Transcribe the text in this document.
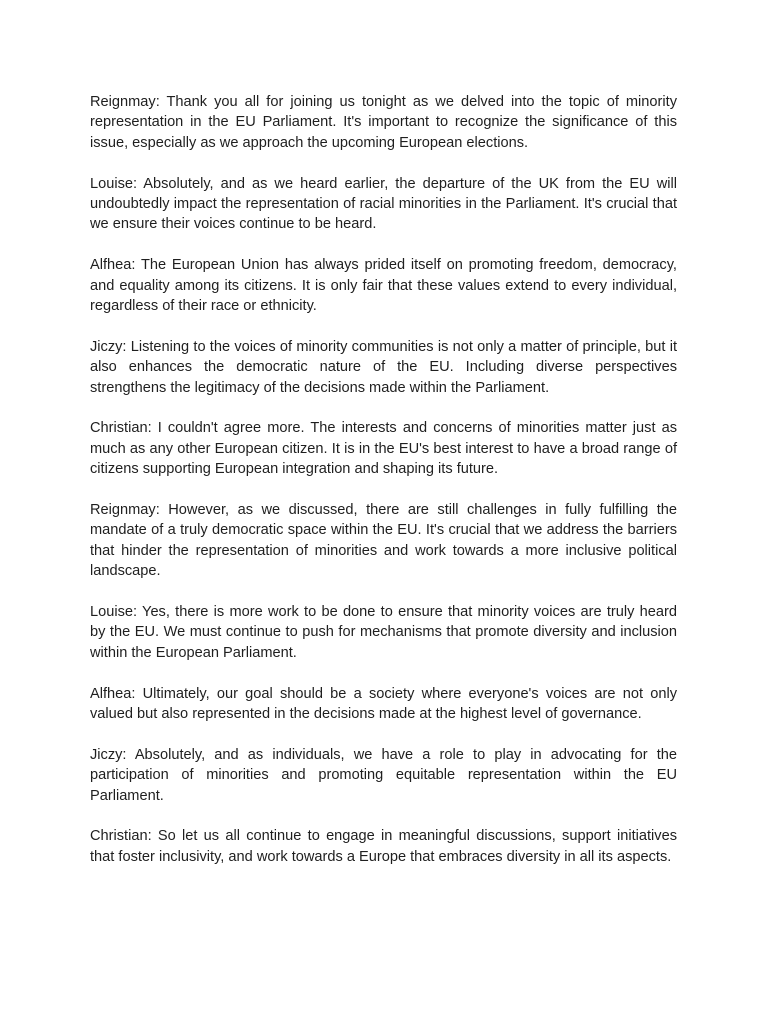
Reignmay: Thank you all for joining us tonight as we delved into the topic of minority representation in the EU Parliament. It's important to recognize the significance of this issue, especially as we approach the upcoming European elections.

Louise: Absolutely, and as we heard earlier, the departure of the UK from the EU will undoubtedly impact the representation of racial minorities in the Parliament. It's crucial that we ensure their voices continue to be heard.

Alfhea: The European Union has always prided itself on promoting freedom, democracy, and equality among its citizens. It is only fair that these values extend to every individual, regardless of their race or ethnicity.

Jiczy: Listening to the voices of minority communities is not only a matter of principle, but it also enhances the democratic nature of the EU. Including diverse perspectives strengthens the legitimacy of the decisions made within the Parliament.

Christian: I couldn't agree more. The interests and concerns of minorities matter just as much as any other European citizen. It is in the EU's best interest to have a broad range of citizens supporting European integration and shaping its future.

Reignmay: However, as we discussed, there are still challenges in fully fulfilling the mandate of a truly democratic space within the EU. It's crucial that we address the barriers that hinder the representation of minorities and work towards a more inclusive political landscape.

Louise: Yes, there is more work to be done to ensure that minority voices are truly heard by the EU. We must continue to push for mechanisms that promote diversity and inclusion within the European Parliament.

Alfhea: Ultimately, our goal should be a society where everyone's voices are not only valued but also represented in the decisions made at the highest level of governance.

Jiczy: Absolutely, and as individuals, we have a role to play in advocating for the participation of minorities and promoting equitable representation within the EU Parliament.

Christian: So let us all continue to engage in meaningful discussions, support initiatives that foster inclusivity, and work towards a Europe that embraces diversity in all its aspects.
